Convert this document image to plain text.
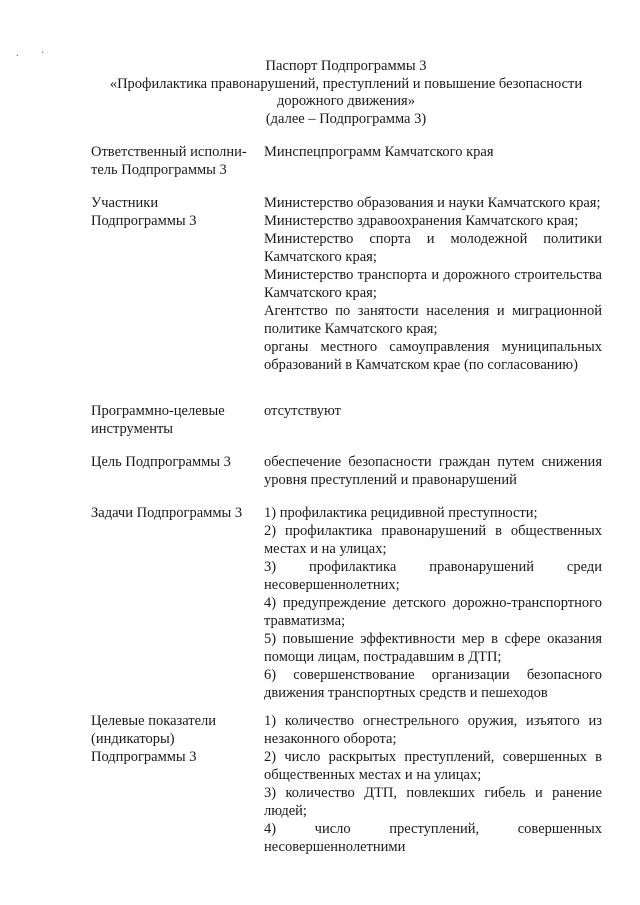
. ·
Паспорт Подпрограммы 3
«Профилактика правонарушений, преступлений и повышение безопасности
дорожного движения»
(далее – Подпрограмма 3)
Ответственный исполни-
тель Подпрограммы 3
Минспецпрограмм Камчатского края
Участники
Подпрограммы 3
Министерство образования и науки Камчатского края;
Министерство здравоохранения Камчатского края;
Министерство спорта и молодежной политики Камчатского края;
Министерство транспорта и дорожного строительства Камчатского края;
Агентство по занятости населения и миграционной политике Камчатского края;
органы местного самоуправления муниципальных образований в Камчатском крае (по согласованию)
Программно-целевые
инструменты
отсутствуют
Цель Подпрограммы 3	обеспечение безопасности граждан путем снижения уровня преступлений и правонарушений
Задачи Подпрограммы 3	1) профилактика рецидивной преступности;
2) профилактика правонарушений в общественных местах и на улицах;
3) профилактика правонарушений среди несовершеннолетних;
4) предупреждение детского дорожно-транспортного травматизма;
5) повышение эффективности мер в сфере оказания помощи лицам, пострадавшим в ДТП;
6) совершенствование организации безопасного движения транспортных средств и пешеходов
Целевые показатели
(индикаторы)
Подпрограммы 3
1) количество огнестрельного оружия, изъятого из незаконного оборота;
2) число раскрытых преступлений, совершенных в общественных местах и на улицах;
3) количество ДТП, повлекших гибель и ранение людей;
4) число преступлений, совершенных несовершеннолетними
